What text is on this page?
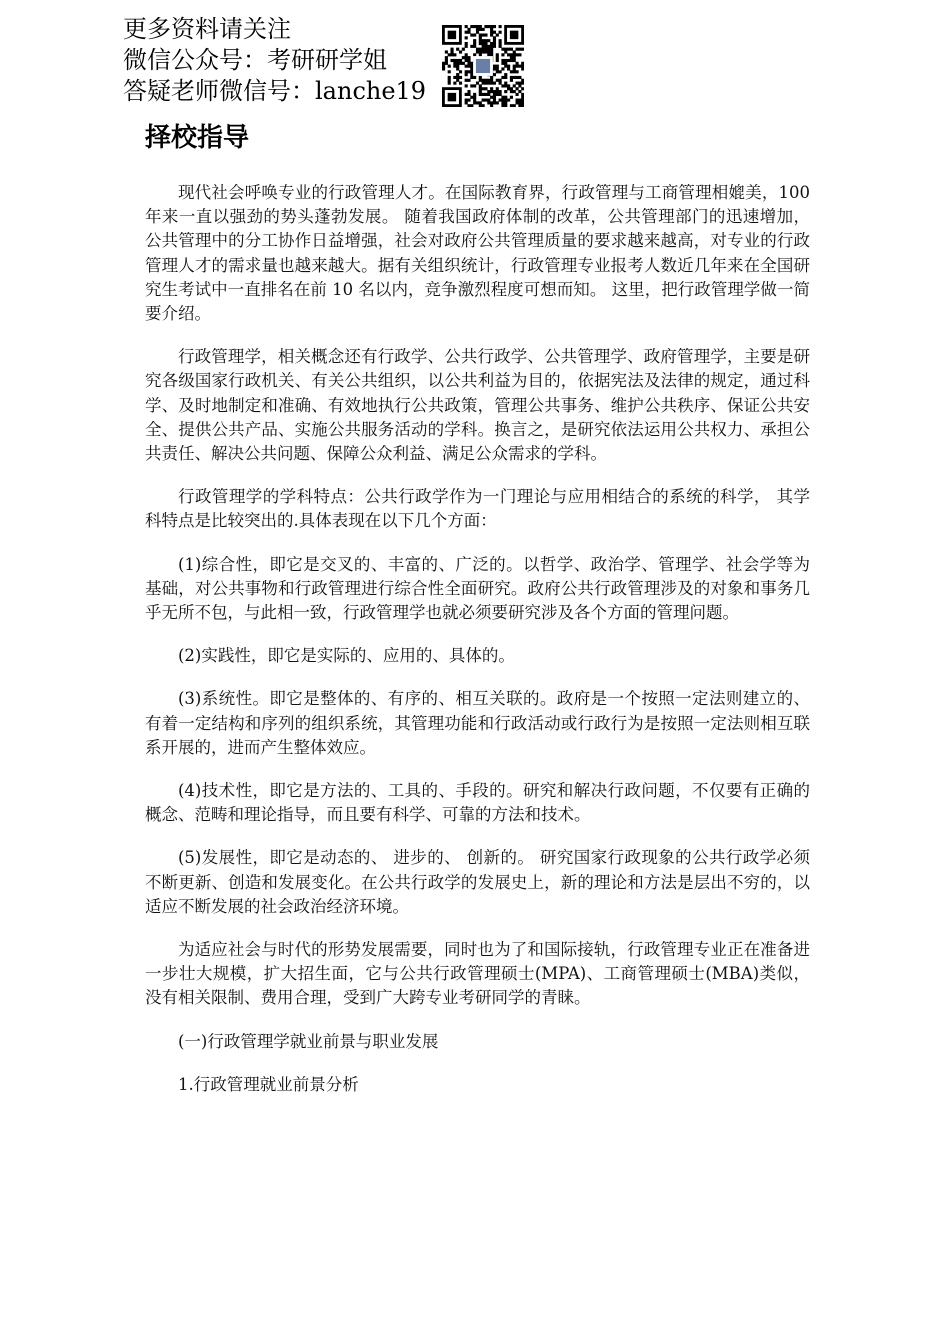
更多资料请关注
微信公众号：考研研学姐
答疑老师微信号：lanche19
择校指导

现代社会呼唤专业的行政管理人才。在国际教育界，行政管理与工商管理相媲美，100 年来一直以强劲的势头蓬勃发展。 随着我国政府体制的改革，公共管理部门的迅速增加，公共管理中的分工协作日益增强，社会对政府公共管理质量的要求越来越高，对专业的行政管理人才的需求量也越来越大。据有关组织统计，行政管理专业报考人数近几年来在全国研究生考试中一直排名在前 10 名以内，竞争激烈程度可想而知。 这里，把行政管理学做一简要介绍。

行政管理学，相关概念还有行政学、公共行政学、公共管理学、政府管理学，主要是研究各级国家行政机关、有关公共组织，以公共利益为目的，依据宪法及法律的规定，通过科学、及时地制定和准确、有效地执行公共政策，管理公共事务、维护公共秩序、保证公共安全、提供公共产品、实施公共服务活动的学科。换言之，是研究依法运用公共权力、承担公共责任、解决公共问题、保障公众利益、满足公众需求的学科。

行政管理学的学科特点：公共行政学作为一门理论与应用相结合的系统的科学， 其学科特点是比较突出的.具体表现在以下几个方面：

(1)综合性，即它是交叉的、丰富的、广泛的。以哲学、政治学、管理学、社会学等为基础，对公共事物和行政管理进行综合性全面研究。政府公共行政管理涉及的对象和事务几乎无所不包，与此相一致，行政管理学也就必须要研究涉及各个方面的管理问题。

(2)实践性，即它是实际的、应用的、具体的。

(3)系统性。即它是整体的、有序的、相互关联的。政府是一个按照一定法则建立的、有着一定结构和序列的组织系统，其管理功能和行政活动或行政行为是按照一定法则相互联系开展的，进而产生整体效应。

(4)技术性，即它是方法的、工具的、手段的。研究和解决行政问题，不仅要有正确的概念、范畴和理论指导，而且要有科学、可靠的方法和技术。

(5)发展性，即它是动态的、 进步的、 创新的。 研究国家行政现象的公共行政学必须不断更新、创造和发展变化。在公共行政学的发展史上，新的理论和方法是层出不穷的，以适应不断发展的社会政治经济环境。

为适应社会与时代的形势发展需要，同时也为了和国际接轨，行政管理专业正在准备进一步壮大规模，扩大招生面，它与公共行政管理硕士(MPA)、工商管理硕士(MBA)类似，没有相关限制、费用合理，受到广大跨专业考研同学的青睐。

(一)行政管理学就业前景与职业发展

1.行政管理就业前景分析
